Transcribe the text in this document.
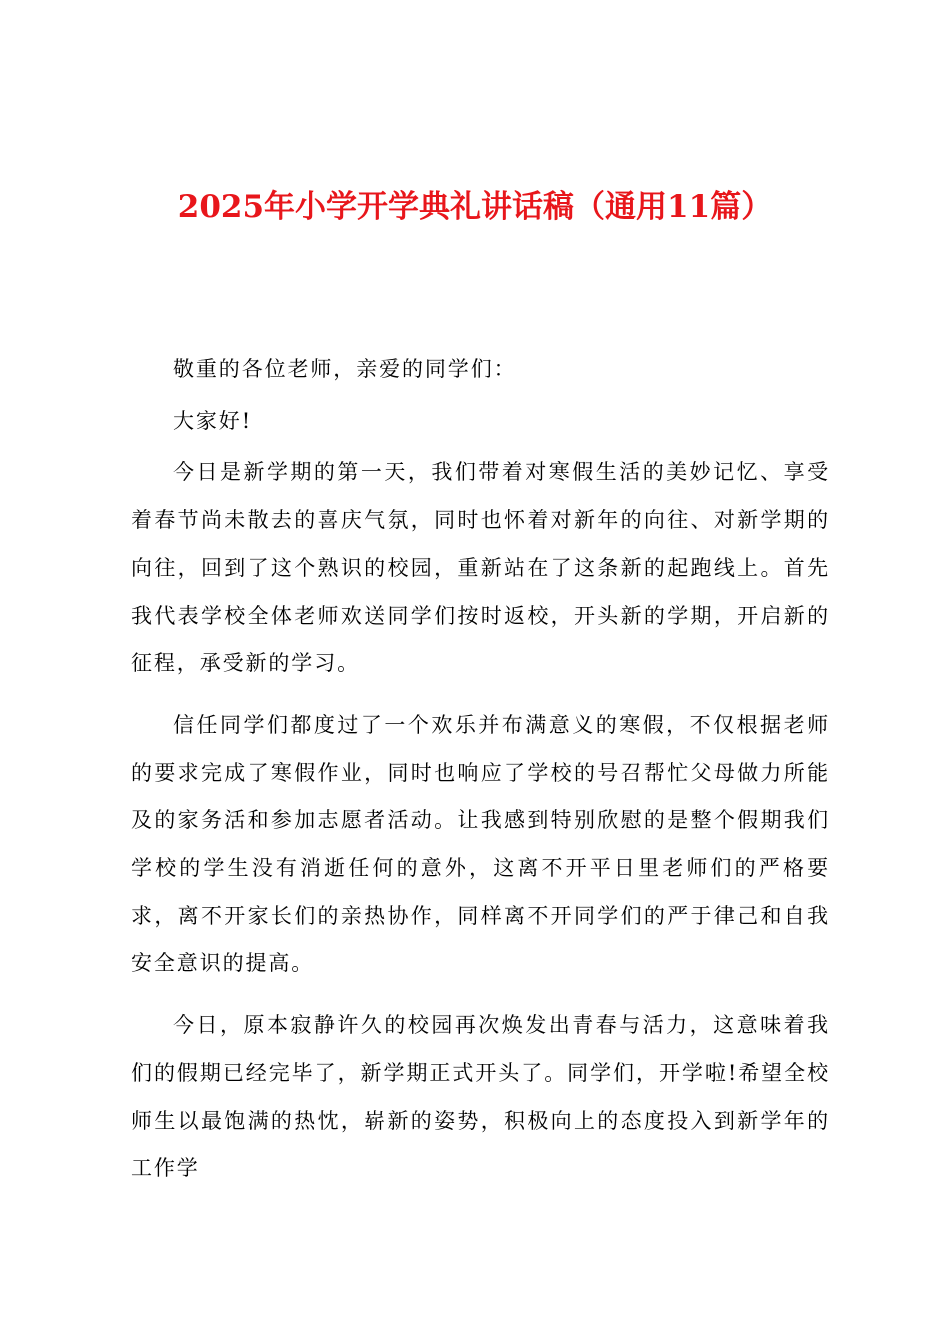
2025年小学开学典礼讲话稿（通用11篇）

敬重的各位老师，亲爱的同学们：

大家好!

今日是新学期的第一天，我们带着对寒假生活的美妙记忆、享受着春节尚未散去的喜庆气氛，同时也怀着对新年的向往、对新学期的向往，回到了这个熟识的校园，重新站在了这条新的起跑线上。首先我代表学校全体老师欢送同学们按时返校，开头新的学期，开启新的征程，承受新的学习。

信任同学们都度过了一个欢乐并布满意义的寒假，不仅根据老师的要求完成了寒假作业，同时也响应了学校的号召帮忙父母做力所能及的家务活和参加志愿者活动。让我感到特别欣慰的是整个假期我们学校的学生没有消逝任何的意外，这离不开平日里老师们的严格要求，离不开家长们的亲热协作，同样离不开同学们的严于律己和自我安全意识的提高。

今日，原本寂静许久的校园再次焕发出青春与活力，这意味着我们的假期已经完毕了，新学期正式开头了。同学们，开学啦!希望全校师生以最饱满的热忱，崭新的姿势，积极向上的态度投入到新学年的工作学
